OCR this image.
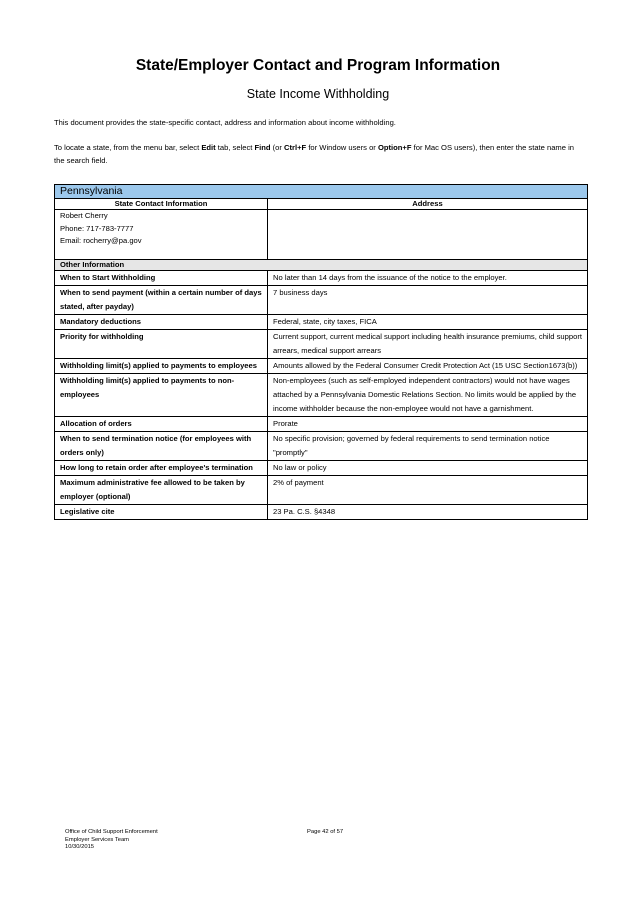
State/Employer Contact and Program Information
State Income Withholding
This document provides the state-specific contact, address and information about income withholding.
To locate a state, from the menu bar, select Edit tab, select Find (or Ctrl+F for Window users or Option+F for Mac OS users), then enter the state name in the search field.
Pennsylvania	
State Contact Information	Address

Robert Cherry
Phone: 717-783-7777
Email: rocherry@pa.gov	

Other Information	
When to Start Withholding	No later than 14 days from the issuance of the notice to the employer.
When to send payment (within a certain number of days stated, after payday)	7 business days
Mandatory deductions	Federal, state, city taxes, FICA
Priority for withholding	Current support, current medical support including health insurance premiums, child support arrears, medical support arrears
Withholding limit(s) applied to payments to employees	Amounts allowed by the Federal Consumer Credit Protection Act (15 USC Section1673(b))
Withholding limit(s) applied to payments to non-employees	Non-employees (such as self-employed independent contractors) would not have wages attached by a Pennsylvania Domestic Relations Section. No limits would be applied by the income withholder because the non-employee would not have a garnishment.
Allocation of orders	Prorate
When to send termination notice (for employees with orders only)	No specific provision; governed by federal requirements to send termination notice "promptly"
How long to retain order after employee's termination	No law or policy
Maximum administrative fee allowed to be taken by employer (optional)	2% of payment
Legislative cite	23 Pa. C.S. §4348
Office of Child Support Enforcement
Employer Services Team
10/30/2015
Page 42 of 57
